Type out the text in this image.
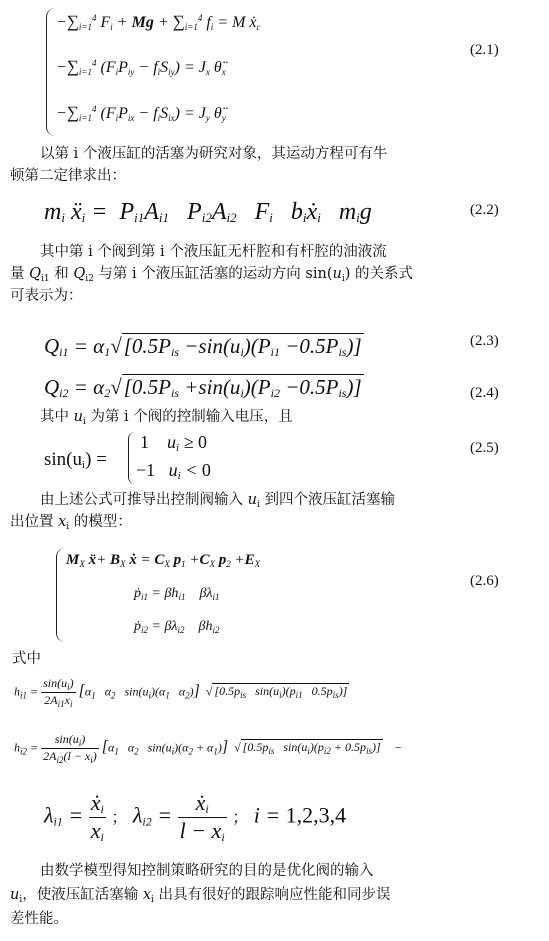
$-\sum_{i=1}^4$ $F_i + Mg + \sum_{i=1}^4$ $f_i = M$ ẋ$_c$
$-\sum_{i=1}^4$ $(F_iP_{iy} - f_iS_{iy}) = J_x$ $\thetä_x$
$-\sum_{i=1}^4$ $(F_iP_{ix} - f_iS_{ix}) = J_y$ $\thetä_y$
(2.1)
以第 i 个液压缸的活塞为研究对象，其运动方程可有牛
顿第二定律求出：
$m_i$ ẍ$_i$ =  $P_{i1}A_{i1}$   $P_{i2}A_{i2}$   $F_i$   $b_iẋ_i$   $m_ig$	(2.2)
其中第 i 个阀到第 i 个液压缸无杆腔和有杆腔的油液流
量 $Q_{i1}$ 和 $Q_{i2}$ 与第 i 个液压缸活塞的运动方向 $\sin(u_i)$ 的关系式
可表示为：
$Q_{i1} = \alpha_1√[0.5P_{is} -\sin(u_i)(P_{i1} -0.5P_{is})]$	(2.3)
$Q_{i2} = \alpha_2√[0.5P_{is} +\sin(u_i)(P_{i2} -0.5P_{is})]$	(2.4)
其中 $u_i$ 为第 i 个阀的控制输入电压，且
$\sin(u_i)$ =
1    $u_i \ge 0$
−1   $u_i < 0$
(2.5)
由上述公式可推导出控制阀输入 $u_i$ 到四个液压缸活塞输
出位置 $x_i$ 的模型：
$M_X$ ẍ+ $B_X$ ẋ = $C_X$ $p_1 +C_X$ $p_2 +E_X$
ṗ$_{i1}$ = $\beta h_{i1}$    $\beta\lambda_{i1}$
ṗ$_{i2}$ = $\beta\lambda_{i2}$    $\beta h_{i2}$
(2.6)
式中
$h_{i1} = \frac{\sin(u_i)}{2A_{i1}x_i} [\alpha_1$   $\alpha_2$   $\sin(u_i)(\alpha_1$   $\alpha_2$)]  √ [$0.5p_{is}$   $\sin(u_i)(p_{i1}$   $0.5p_{is}$)]
$h_{i2} = \frac{\sin(u_i)}{2A_{i2}(l - x_i)} [\alpha_1$   $\alpha_2$   $\sin(u_i)(\alpha_2 + \alpha_1)$]  √ [$0.5p_{is}$   $\sin(u_i)(p_{i2} + 0.5p_{is})$] −
$\lambda_{i1} = \frac{ẋ_i}{x_i}$ ； $\lambda_{i2} = \frac{ẋ_i}{l - x_i}$ ； i = 1,2,3,4
由数学模型得知控制策略研究的目的是优化阀的输入
$u_i$，使液压缸活塞输 $x_i$ 出具有很好的跟踪响应性能和同步误
差性能。
